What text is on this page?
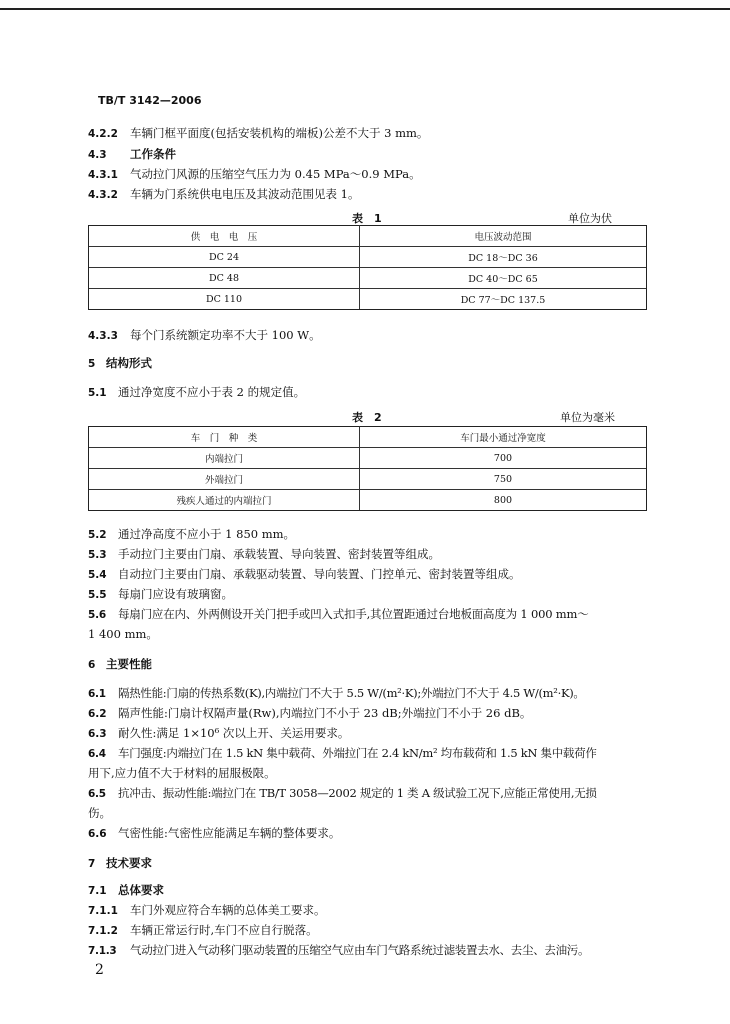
TB/T 3142—2006
4.2.2 车辆门框平面度(包括安装机构的端板)公差不大于 3 mm。
4.3 工作条件
4.3.1 气动拉门风源的压缩空气压力为 0.45 MPa～0.9 MPa。
4.3.2 车辆为门系统供电电压及其波动范围见表 1。
表　1	单位为伏
供　电　电　压	电压波动范围
DC 24	DC 18～DC 36
DC 48	DC 40～DC 65
DC 110	DC 77～DC 137.5
4.3.3 每个门系统额定功率不大于 100 W。
5 结构形式
5.1 通过净宽度不应小于表 2 的规定值。
表　2	单位为毫米
车　门　种　类	车门最小通过净宽度
内端拉门	700
外端拉门	750
残疾人通过的内端拉门	800
5.2 通过净高度不应小于 1 850 mm。
5.3 手动拉门主要由门扇、承载装置、导向装置、密封装置等组成。
5.4 自动拉门主要由门扇、承载驱动装置、导向装置、门控单元、密封装置等组成。
5.5 每扇门应设有玻璃窗。
5.6 每扇门应在内、外两侧设开关门把手或凹入式扣手,其位置距通过台地板面高度为 1 000 mm～
1 400 mm。
6 主要性能
6.1 隔热性能:门扇的传热系数(K),内端拉门不大于 5.5 W/(m²·K);外端拉门不大于 4.5 W/(m²·K)。
6.2 隔声性能:门扇计权隔声量(Rw),内端拉门不小于 23 dB;外端拉门不小于 26 dB。
6.3 耐久性:满足 1×10⁶ 次以上开、关运用要求。
6.4 车门强度:内端拉门在 1.5 kN 集中载荷、外端拉门在 2.4 kN/m² 均布载荷和 1.5 kN 集中载荷作
用下,应力值不大于材料的屈服极限。
6.5 抗冲击、振动性能:端拉门在 TB/T 3058—2002 规定的 1 类 A 级试验工况下,应能正常使用,无损
伤。
6.6 气密性能:气密性应能满足车辆的整体要求。
7 技术要求
7.1 总体要求
7.1.1 车门外观应符合车辆的总体美工要求。
7.1.2 车辆正常运行时,车门不应自行脱落。
7.1.3 气动拉门进入气动移门驱动装置的压缩空气应由车门气路系统过滤装置去水、去尘、去油污。
2
